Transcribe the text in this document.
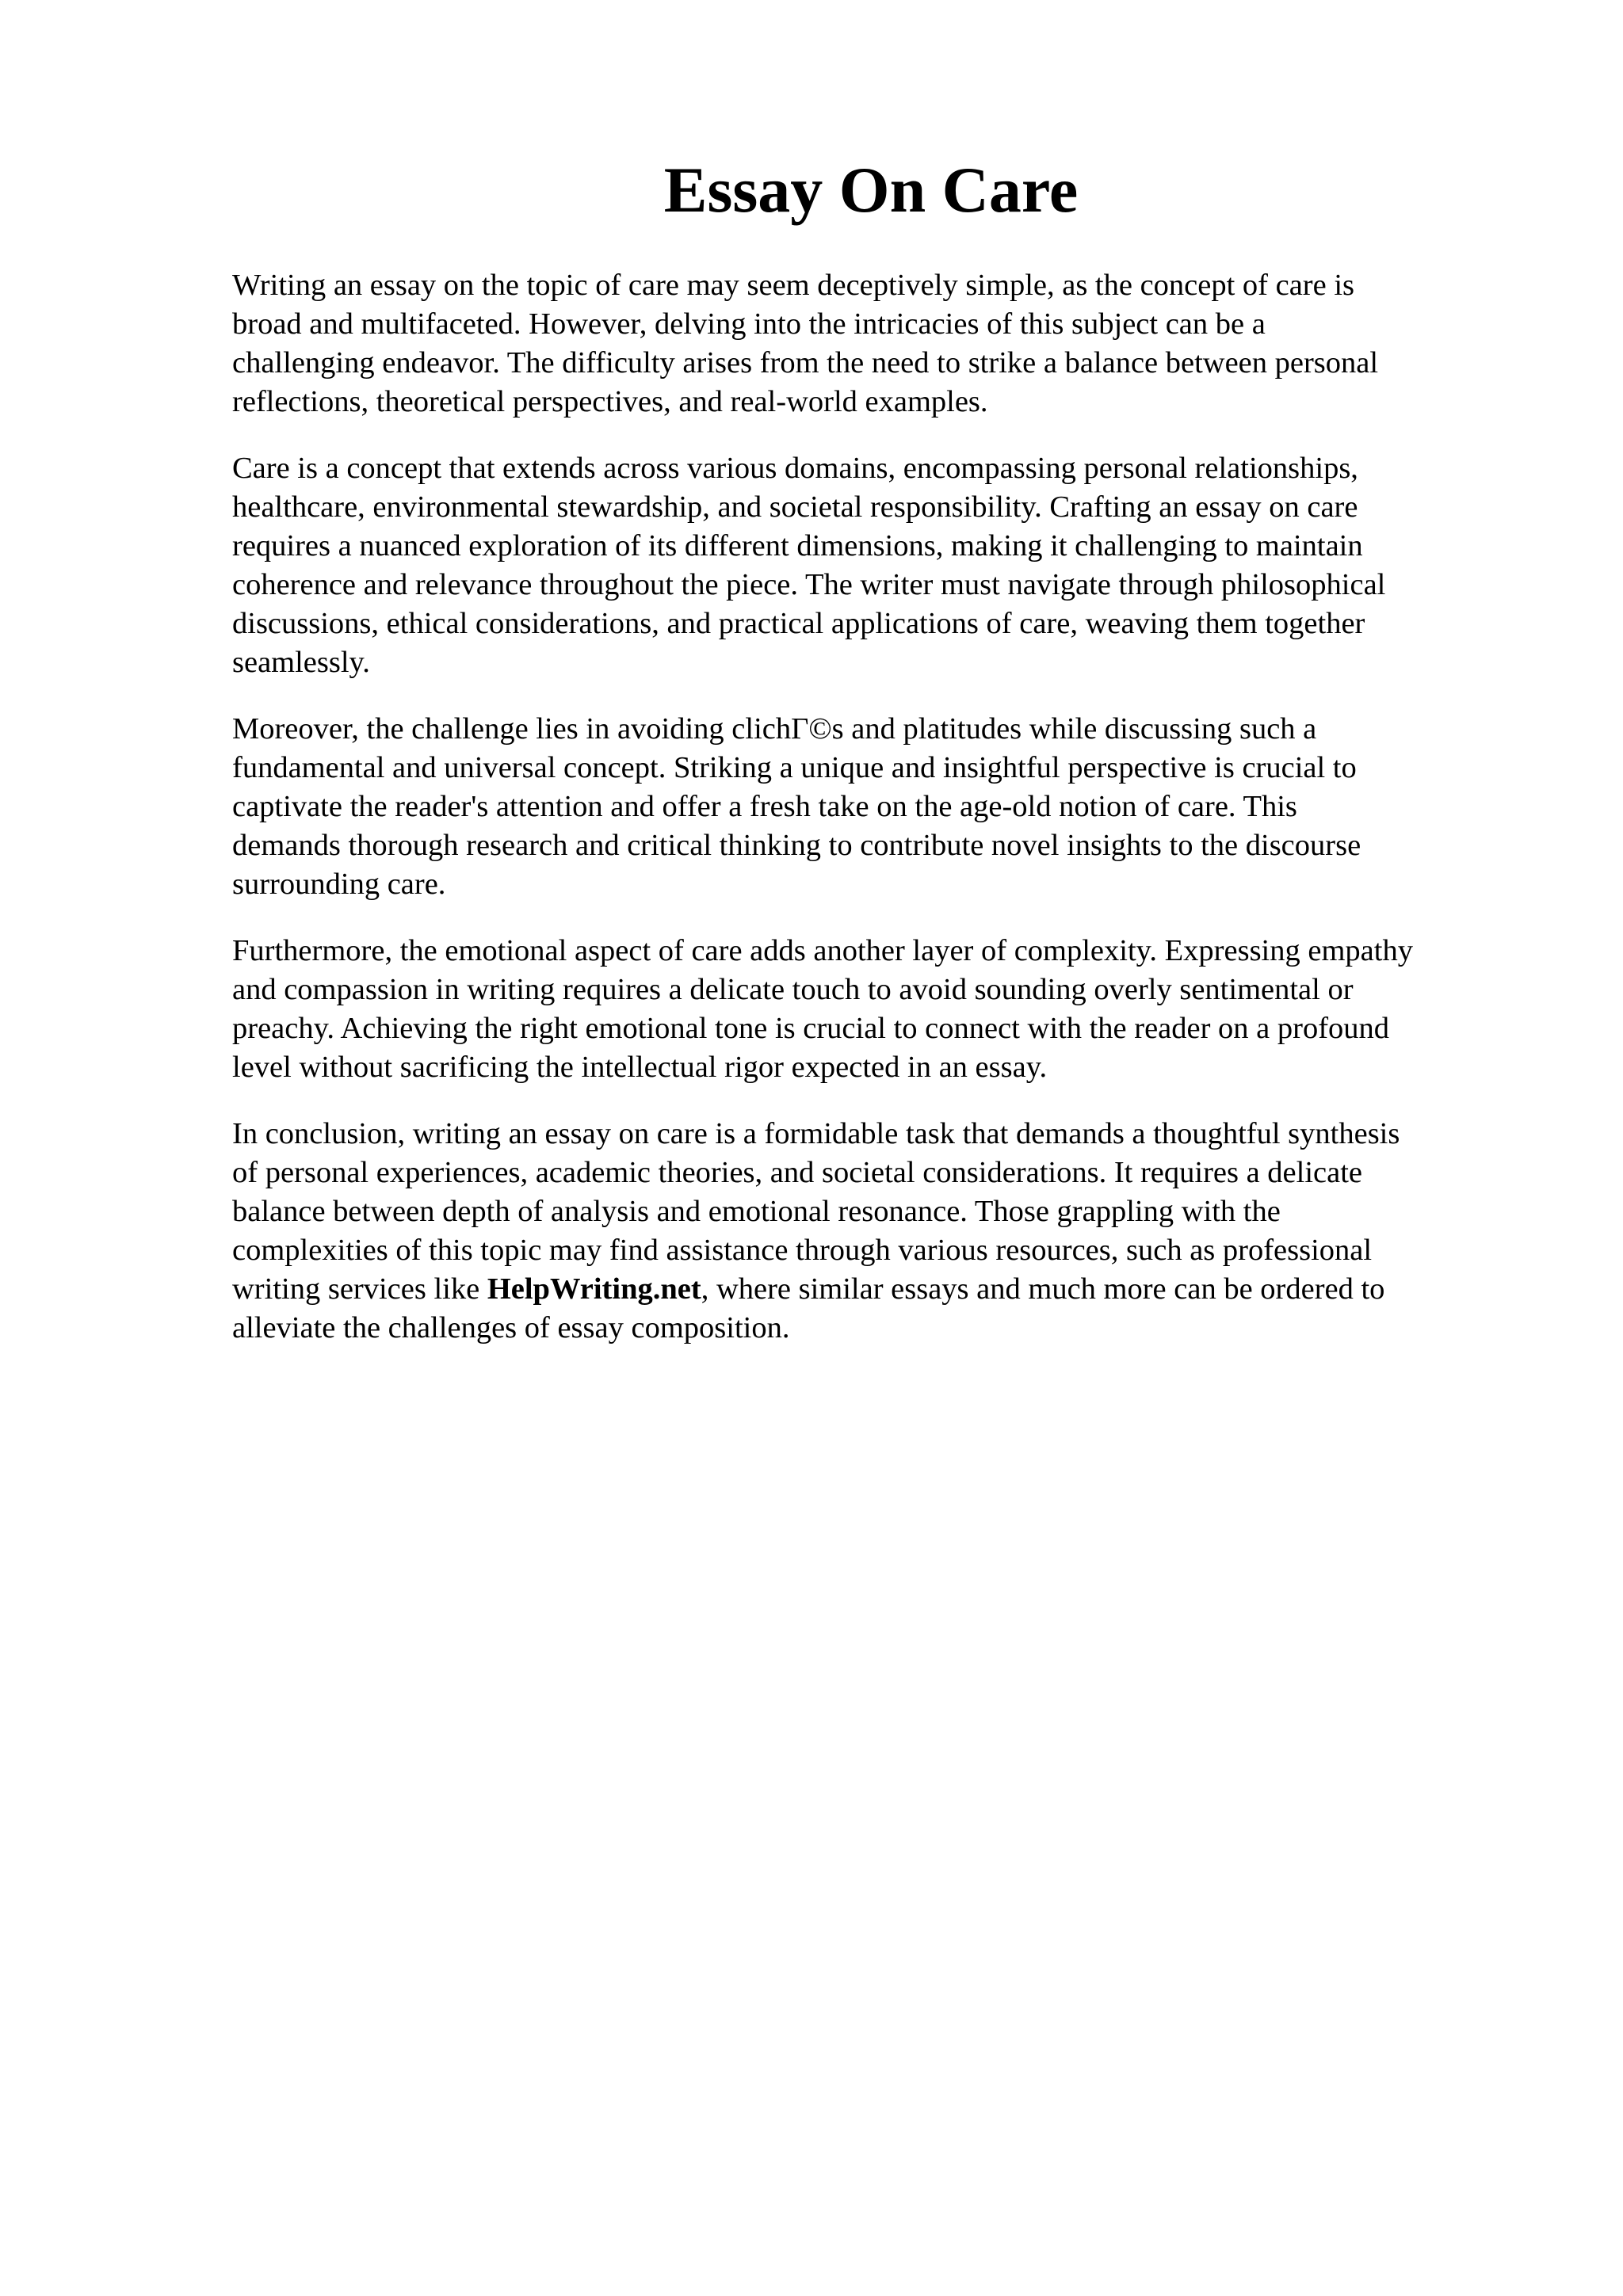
Essay On Care

Writing an essay on the topic of care may seem deceptively simple, as the concept of care is
broad and multifaceted. However, delving into the intricacies of this subject can be a
challenging endeavor. The difficulty arises from the need to strike a balance between personal
reflections, theoretical perspectives, and real-world examples.

Care is a concept that extends across various domains, encompassing personal relationships,
healthcare, environmental stewardship, and societal responsibility. Crafting an essay on care
requires a nuanced exploration of its different dimensions, making it challenging to maintain
coherence and relevance throughout the piece. The writer must navigate through philosophical
discussions, ethical considerations, and practical applications of care, weaving them together
seamlessly.

Moreover, the challenge lies in avoiding clichΓ©s and platitudes while discussing such a
fundamental and universal concept. Striking a unique and insightful perspective is crucial to
captivate the reader's attention and offer a fresh take on the age-old notion of care. This
demands thorough research and critical thinking to contribute novel insights to the discourse
surrounding care.

Furthermore, the emotional aspect of care adds another layer of complexity. Expressing empathy
and compassion in writing requires a delicate touch to avoid sounding overly sentimental or
preachy. Achieving the right emotional tone is crucial to connect with the reader on a profound
level without sacrificing the intellectual rigor expected in an essay.

In conclusion, writing an essay on care is a formidable task that demands a thoughtful synthesis
of personal experiences, academic theories, and societal considerations. It requires a delicate
balance between depth of analysis and emotional resonance. Those grappling with the
complexities of this topic may find assistance through various resources, such as professional
writing services like HelpWriting.net, where similar essays and much more can be ordered to
alleviate the challenges of essay composition.
